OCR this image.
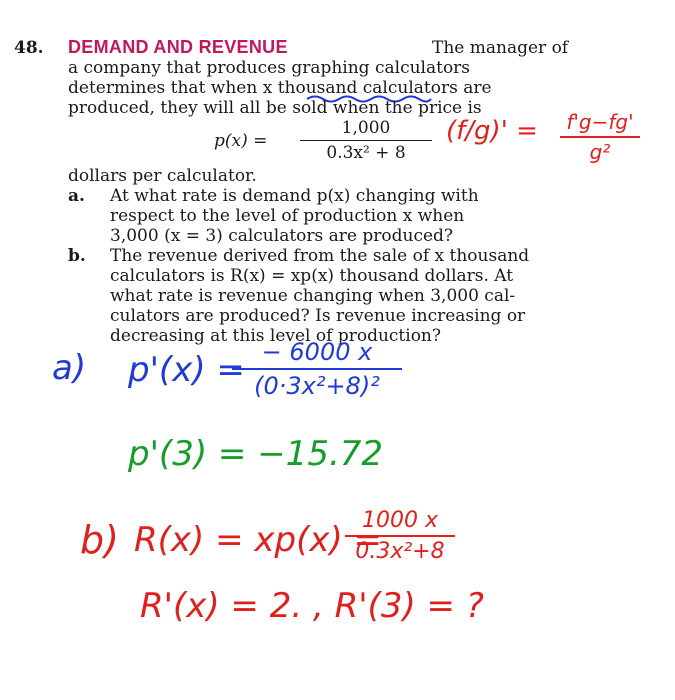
48. DEMAND AND REVENUE	The manager of
a company that produces graphing calculators
determines that when x thousand calculators are
produced, they will all be sold when the price is
p(x) =
1,000
0.3x² + 8
(f/g)' =	f'g−fg'
g²
dollars per calculator.
a. At what rate is demand p(x) changing with
respect to the level of production x when
3,000 (x = 3) calculators are produced?
b. The revenue derived from the sale of x thousand
calculators is R(x) = xp(x) thousand dollars. At
what rate is revenue changing when 3,000 cal-
culators are produced? Is revenue increasing or
decreasing at this level of production?
a) p'(x) = − 6000 x
(0·3x²+8)²
p'(3) = −15.72
b) R(x) = xp(x) =
1000 x
0.3x²+8
R'(x) = 2. , R'(3) = ?
